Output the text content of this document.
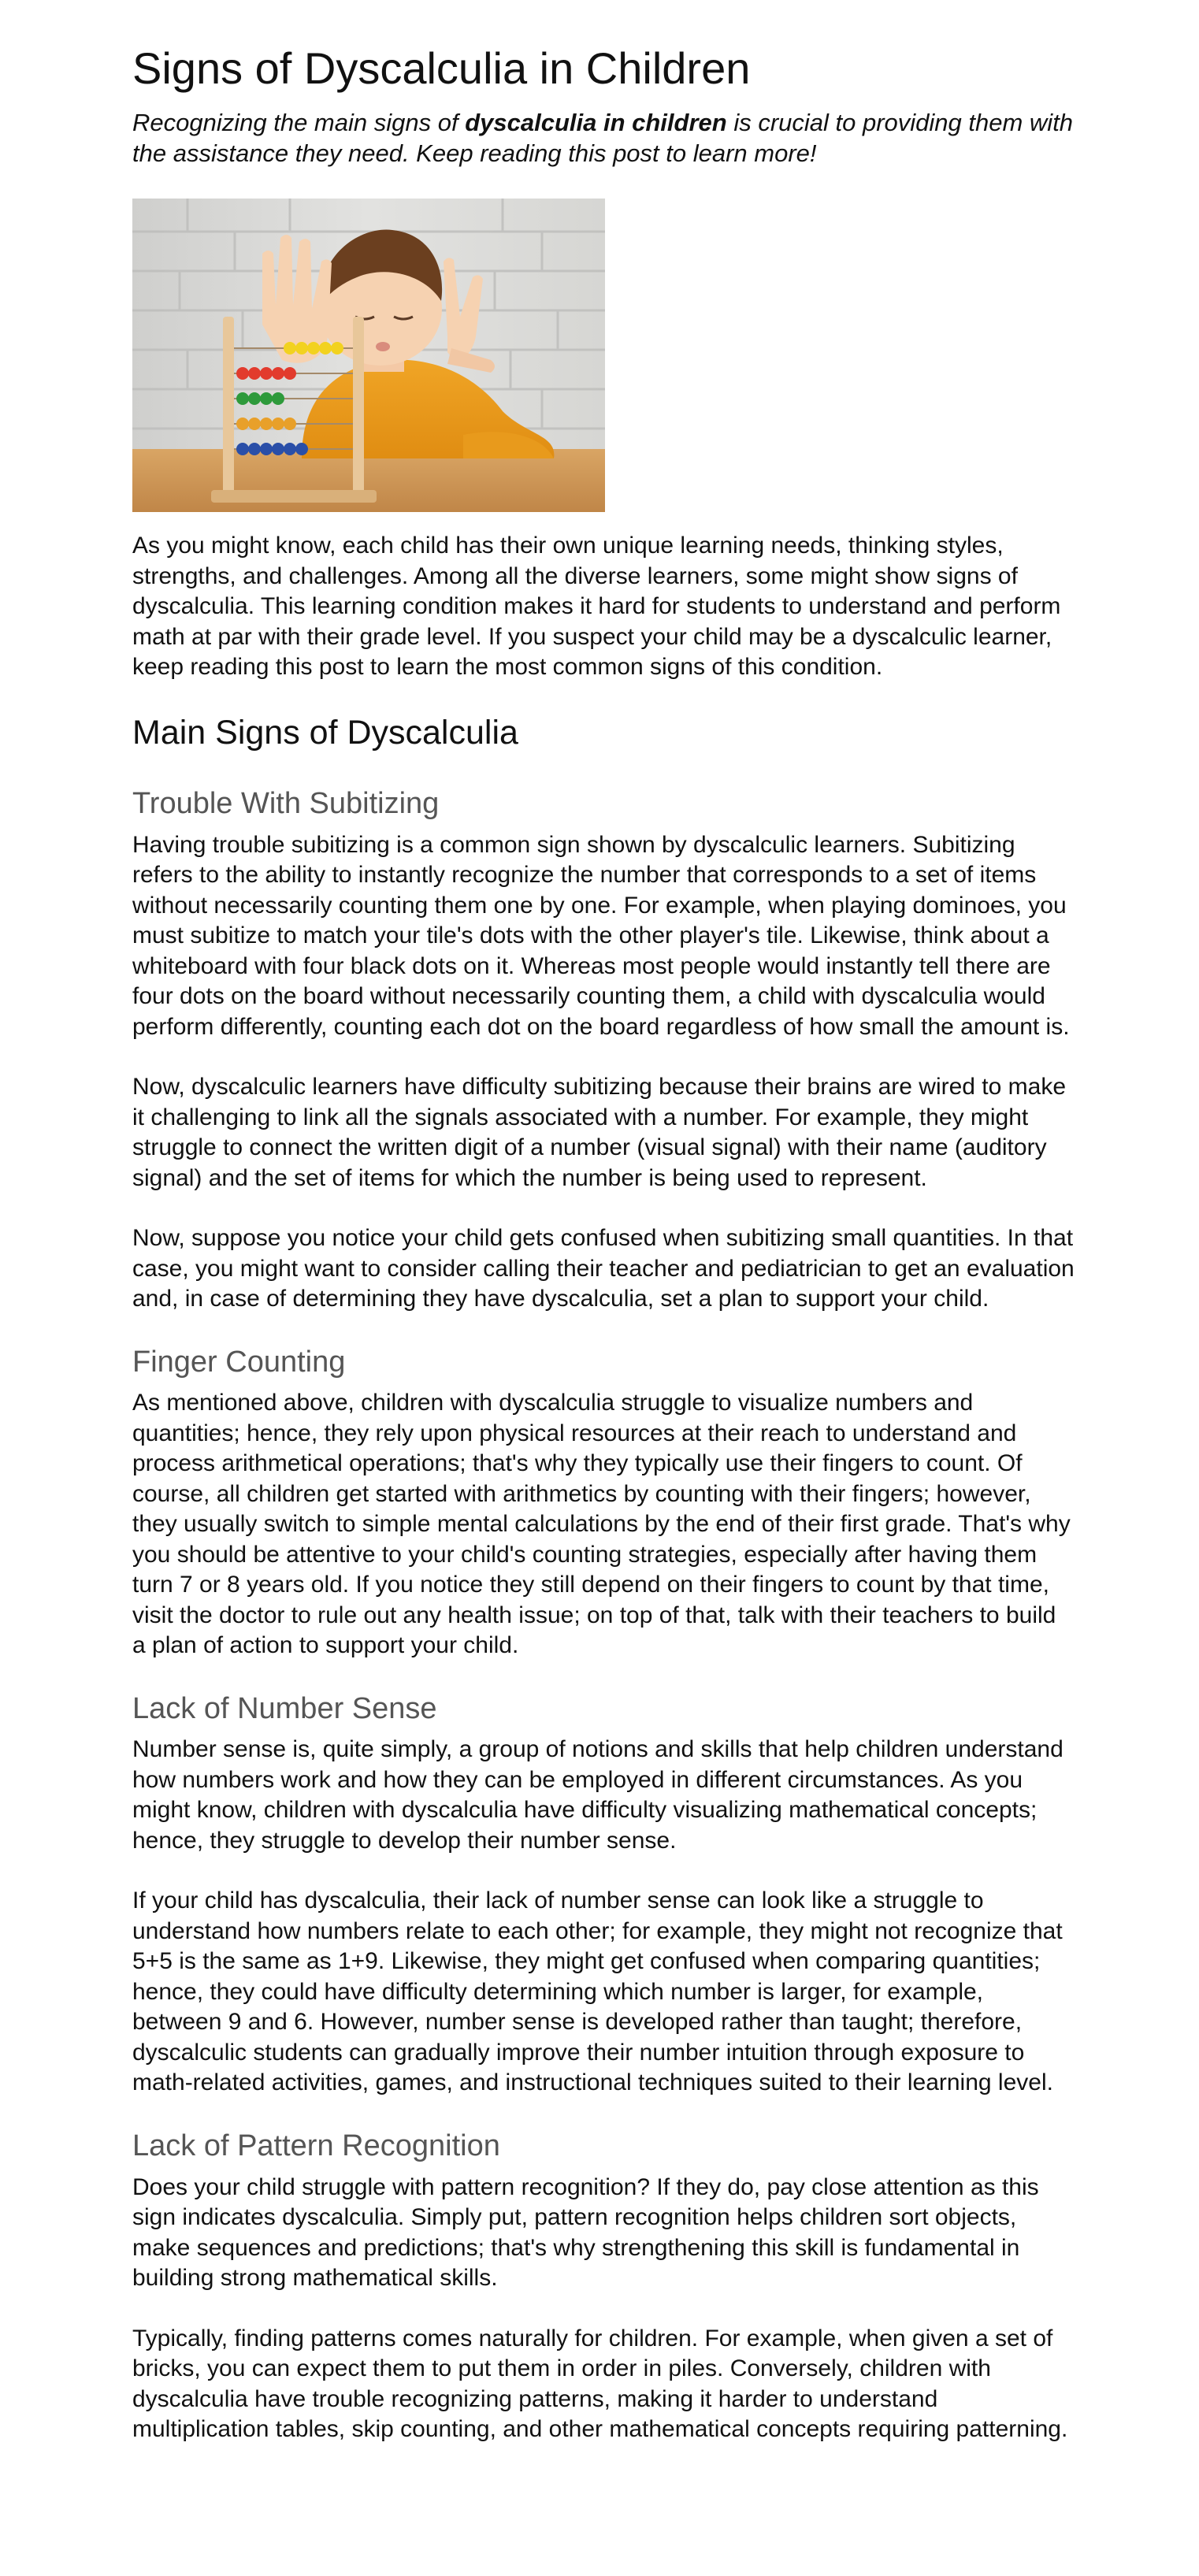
Signs of Dyscalculia in Children

Recognizing the main signs of dyscalculia in children is crucial to providing them with the assistance they need. Keep reading this post to learn more!

As you might know, each child has their own unique learning needs, thinking styles, strengths, and challenges. Among all the diverse learners, some might show signs of dyscalculia. This learning condition makes it hard for students to understand and perform math at par with their grade level. If you suspect your child may be a dyscalculic learner, keep reading this post to learn the most common signs of this condition.

Main Signs of Dyscalculia
Trouble With Subitizing

Having trouble subitizing is a common sign shown by dyscalculic learners. Subitizing refers to the ability to instantly recognize the number that corresponds to a set of items without necessarily counting them one by one. For example, when playing dominoes, you must subitize to match your tile's dots with the other player's tile. Likewise, think about a whiteboard with four black dots on it. Whereas most people would instantly tell there are four dots on the board without necessarily counting them, a child with dyscalculia would perform differently, counting each dot on the board regardless of how small the amount is.

Now, dyscalculic learners have difficulty subitizing because their brains are wired to make it challenging to link all the signals associated with a number. For example, they might struggle to connect the written digit of a number (visual signal) with their name (auditory signal) and the set of items for which the number is being used to represent.

Now, suppose you notice your child gets confused when subitizing small quantities. In that case, you might want to consider calling their teacher and pediatrician to get an evaluation and, in case of determining they have dyscalculia, set a plan to support your child.

Finger Counting

As mentioned above, children with dyscalculia struggle to visualize numbers and quantities; hence, they rely upon physical resources at their reach to understand and process arithmetical operations; that's why they typically use their fingers to count. Of course, all children get started with arithmetics by counting with their fingers; however, they usually switch to simple mental calculations by the end of their first grade. That's why you should be attentive to your child's counting strategies, especially after having them turn 7 or 8 years old. If you notice they still depend on their fingers to count by that time, visit the doctor to rule out any health issue; on top of that, talk with their teachers to build a plan of action to support your child.

Lack of Number Sense

Number sense is, quite simply, a group of notions and skills that help children understand how numbers work and how they can be employed in different circumstances. As you might know, children with dyscalculia have difficulty visualizing mathematical concepts; hence, they struggle to develop their number sense.

If your child has dyscalculia, their lack of number sense can look like a struggle to understand how numbers relate to each other; for example, they might not recognize that 5+5 is the same as 1+9. Likewise, they might get confused when comparing quantities; hence, they could have difficulty determining which number is larger, for example, between 9 and 6. However, number sense is developed rather than taught; therefore, dyscalculic students can gradually improve their number intuition through exposure to math-related activities, games, and instructional techniques suited to their learning level.

Lack of Pattern Recognition

Does your child struggle with pattern recognition? If they do, pay close attention as this sign indicates dyscalculia. Simply put, pattern recognition helps children sort objects, make sequences and predictions; that's why strengthening this skill is fundamental in building strong mathematical skills.

Typically, finding patterns comes naturally for children. For example, when given a set of bricks, you can expect them to put them in order in piles. Conversely, children with dyscalculia have trouble recognizing patterns, making it harder to understand multiplication tables, skip counting, and other mathematical concepts requiring patterning.
